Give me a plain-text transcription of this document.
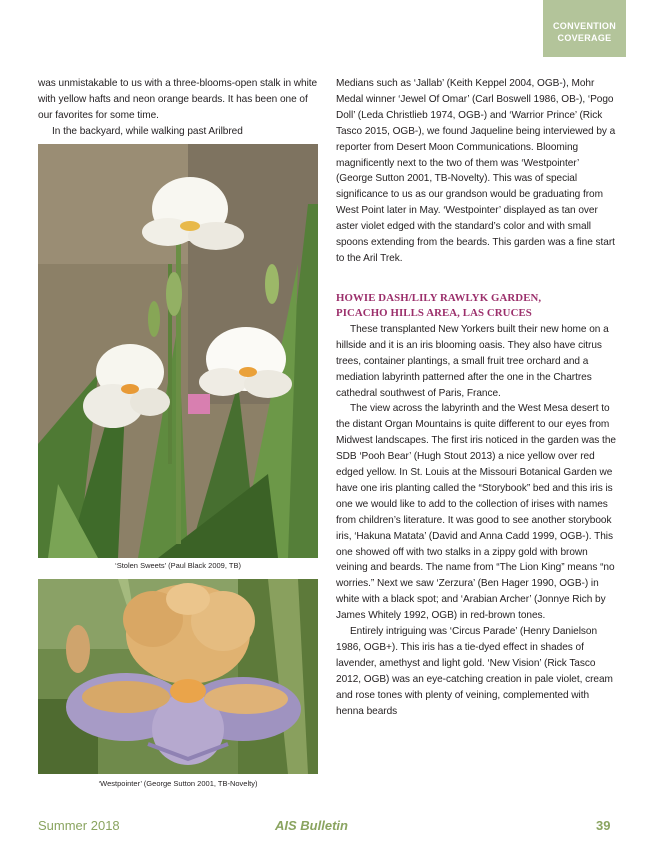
CONVENTION
COVERAGE

was unmistakable to us with a three-blooms-open stalk in white with yellow hafts and neon orange beards. It has been one of our favorites for some time.

In the backyard, while walking past Arilbred

‘Stolen Sweets’ (Paul Black 2009, TB)
‘Westpointer’ (George Sutton 2001, TB-Novelty)

Medians such as ‘Jallab’ (Keith Keppel 2004, OGB-), Mohr Medal winner ‘Jewel Of Omar’ (Carl Boswell 1986, OB-), ‘Pogo Doll’ (Leda Christlieb 1974, OGB-) and ‘Warrior Prince’ (Rick Tasco 2015, OGB-), we found Jaqueline being interviewed by a reporter from Desert Moon Communications. Blooming magnificently next to the two of them was ‘Westpointer’ (George Sutton 2001, TB-Novelty). This was of special significance to us as our grandson would be graduating from West Point later in May. ‘Westpointer’ displayed as tan over aster violet edged with the standard’s color and with small spoons extending from the beards. This garden was a fine start to the Aril Trek.

HOWIE DASH/LILY RAWLYK GARDEN,
PICACHO HILLS AREA, LAS CRUCES

These transplanted New Yorkers built their new home on a hillside and it is an iris blooming oasis. They also have citrus trees, container plantings, a small fruit tree orchard and a mediation labyrinth patterned after the one in the Chartres cathedral southwest of Paris, France.

The view across the labyrinth and the West Mesa desert to the distant Organ Mountains is quite different to our eyes from Midwest landscapes. The first iris noticed in the garden was the SDB ‘Pooh Bear’ (Hugh Stout 2013) a nice yellow over red edged yellow. In St. Louis at the Missouri Botanical Garden we have one iris planting called the “Storybook” bed and this iris is one we would like to add to the collection of irises with names from children’s literature. It was good to see another storybook iris, ‘Hakuna Matata’ (David and Anna Cadd 1999, OGB-). This one showed off with two stalks in a zippy gold with brown veining and beards. The name from “The Lion King” means “no worries.” Next we saw ‘Zerzura’ (Ben Hager 1990, OGB-) in white with a black spot; and ‘Arabian Archer’ (Jonnye Rich by James Whitely 1992, OGB) in red-brown tones.

Entirely intriguing was ‘Circus Parade’ (Henry Danielson 1986, OGB+). This iris has a tie-dyed effect in shades of lavender, amethyst and light gold. ‘New Vision’ (Rick Tasco 2012, OGB) was an eye-catching creation in pale violet, cream and rose tones with plenty of veining, complemented with henna beards

Summer 2018	AIS Bulletin	39
